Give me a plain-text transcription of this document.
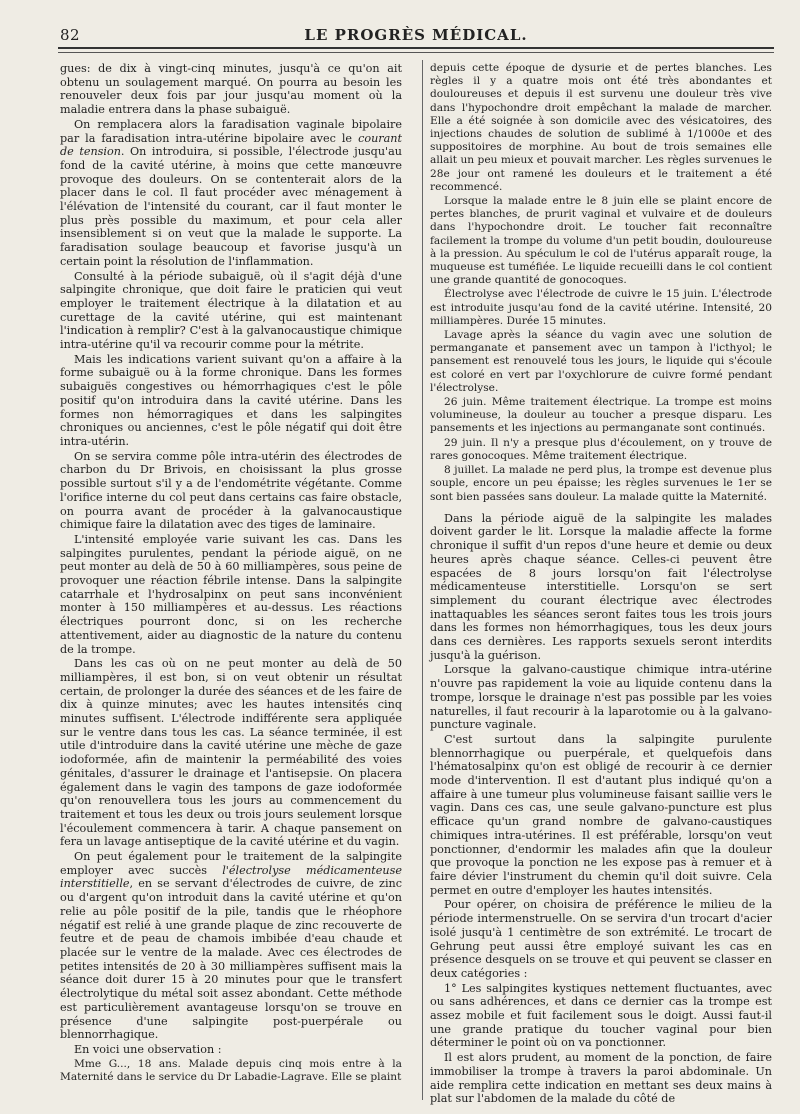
82	LE PROGRÈS MÉDICAL.

gues: de dix à vingt-cinq minutes, jusqu'à ce qu'on ait obtenu un soulagement marqué. On pourra au besoin les renouveler deux fois par jour jusqu'au moment où la maladie entrera dans la phase subaiguë.

On remplacera alors la faradisation vaginale bipolaire par la faradisation intra-utérine bipolaire avec le courant de tension. On introduira, si possible, l'électrode jusqu'au fond de la cavité utérine, à moins que cette manœuvre provoque des douleurs. On se contenterait alors de la placer dans le col. Il faut procéder avec ménagement à l'élévation de l'intensité du courant, car il faut monter le plus près possible du maximum, et pour cela aller insensiblement si on veut que la malade le supporte. La faradisation soulage beaucoup et favorise jusqu'à un certain point la résolution de l'inflammation.

Consulté à la période subaiguë, où il s'agit déjà d'une salpingite chronique, que doit faire le praticien qui veut employer le traitement électrique à la dilatation et au curettage de la cavité utérine, qui est maintenant l'indication à remplir? C'est à la galvanocaustique chimique intra-utérine qu'il va recourir comme pour la métrite.

Mais les indications varient suivant qu'on a affaire à la forme subaiguë ou à la forme chronique. Dans les formes subaiguës congestives ou hémorrhagiques c'est le pôle positif qu'on introduira dans la cavité utérine. Dans les formes non hémorragiques et dans les salpingites chroniques ou anciennes, c'est le pôle négatif qui doit être intra-utérin.

On se servira comme pôle intra-utérin des électrodes de charbon du Dr Brivois, en choisissant la plus grosse possible surtout s'il y a de l'endométrite végétante. Comme l'orifice interne du col peut dans certains cas faire obstacle, on pourra avant de procéder à la galvanocaustique chimique faire la dilatation avec des tiges de laminaire.

L'intensité employée varie suivant les cas. Dans les salpingites purulentes, pendant la période aiguë, on ne peut monter au delà de 50 à 60 milliampères, sous peine de provoquer une réaction fébrile intense. Dans la salpingite catarrhale et l'hydrosalpinx on peut sans inconvénient monter à 150 milliampères et au-dessus. Les réactions électriques pourront donc, si on les recherche attentivement, aider au diagnostic de la nature du contenu de la trompe.

Dans les cas où on ne peut monter au delà de 50 milliampères, il est bon, si on veut obtenir un résultat certain, de prolonger la durée des séances et de les faire de dix à quinze minutes; avec les hautes intensités cinq minutes suffisent. L'électrode indifférente sera appliquée sur le ventre dans tous les cas. La séance terminée, il est utile d'introduire dans la cavité utérine une mèche de gaze iodoformée, afin de maintenir la perméabilité des voies génitales, d'assurer le drainage et l'antisepsie. On placera également dans le vagin des tampons de gaze iodoformée qu'on renouvellera tous les jours au commencement du traitement et tous les deux ou trois jours seulement lorsque l'écoulement commencera à tarir. A chaque pansement on fera un lavage antiseptique de la cavité utérine et du vagin.

On peut également pour le traitement de la salpingite employer avec succès l'électrolyse médicamenteuse interstitielle, en se servant d'électrodes de cuivre, de zinc ou d'argent qu'on introduit dans la cavité utérine et qu'on relie au pôle positif de la pile, tandis que le rhéophore négatif est relié à une grande plaque de zinc recouverte de feutre et de peau de chamois imbibée d'eau chaude et placée sur le ventre de la malade. Avec ces électrodes de petites intensités de 20 à 30 milliampères suffisent mais la séance doit durer 15 à 20 minutes pour que le transfert électrolytique du métal soit assez abondant. Cette méthode est particulièrement avantageuse lorsqu'on se trouve en présence d'une salpingite post-puerpérale ou blennorrhagique.

En voici une observation :

Mme G..., 18 ans. Malade depuis cinq mois entre à la Maternité dans le service du Dr Labadie-Lagrave. Elle se plaint

depuis cette époque de dysurie et de pertes blanches. Les règles il y a quatre mois ont été très abondantes et douloureuses et depuis il est survenu une douleur très vive dans l'hypochondre droit empêchant la malade de marcher. Elle a été soignée à son domicile avec des vésicatoires, des injections chaudes de solution de sublimé à 1/1000e et des suppositoires de morphine. Au bout de trois semaines elle allait un peu mieux et pouvait marcher. Les règles survenues le 28e jour ont ramené les douleurs et le traitement a été recommencé.

Lorsque la malade entre le 8 juin elle se plaint encore de pertes blanches, de prurit vaginal et vulvaire et de douleurs dans l'hypochondre droit. Le toucher fait reconnaître facilement la trompe du volume d'un petit boudin, douloureuse à la pression. Au spéculum le col de l'utérus apparaît rouge, la muqueuse est tuméfiée. Le liquide recueilli dans le col contient une grande quantité de gonocoques.

Électrolyse avec l'électrode de cuivre le 15 juin. L'électrode est introduite jusqu'au fond de la cavité utérine. Intensité, 20 milliampères. Durée 15 minutes.

Lavage après la séance du vagin avec une solution de permanganate et pansement avec un tampon à l'icthyol; le pansement est renouvelé tous les jours, le liquide qui s'écoule est coloré en vert par l'oxychlorure de cuivre formé pendant l'électrolyse.

26 juin. Même traitement électrique. La trompe est moins volumineuse, la douleur au toucher a presque disparu. Les pansements et les injections au permanganate sont continués.

29 juin. Il n'y a presque plus d'écoulement, on y trouve de rares gonocoques. Même traitement électrique.

8 juillet. La malade ne perd plus, la trompe est devenue plus souple, encore un peu épaisse; les règles survenues le 1er se sont bien passées sans douleur. La malade quitte la Maternité.

Dans la période aiguë de la salpingite les malades doivent garder le lit. Lorsque la maladie affecte la forme chronique il suffit d'un repos d'une heure et demie ou deux heures après chaque séance. Celles-ci peuvent être espacées de 8 jours lorsqu'on fait l'électrolyse médicamenteuse interstitielle. Lorsqu'on se sert simplement du courant électrique avec électrodes inattaquables les séances seront faites tous les trois jours dans les formes non hémorrhagiques, tous les deux jours dans ces dernières. Les rapports sexuels seront interdits jusqu'à la guérison.

Lorsque la galvano-caustique chimique intra-utérine n'ouvre pas rapidement la voie au liquide contenu dans la trompe, lorsque le drainage n'est pas possible par les voies naturelles, il faut recourir à la laparotomie ou à la galvano-puncture vaginale.

C'est surtout dans la salpingite purulente blennorrhagique ou puerpérale, et quelquefois dans l'hématosalpinx qu'on est obligé de recourir à ce dernier mode d'intervention. Il est d'autant plus indiqué qu'on a affaire à une tumeur plus volumineuse faisant saillie vers le vagin. Dans ces cas, une seule galvano-puncture est plus efficace qu'un grand nombre de galvano-caustiques chimiques intra-utérines. Il est préférable, lorsqu'on veut ponctionner, d'endormir les malades afin que la douleur que provoque la ponction ne les expose pas à remuer et à faire dévier l'instrument du chemin qu'il doit suivre. Cela permet en outre d'employer les hautes intensités.

Pour opérer, on choisira de préférence le milieu de la période intermenstruelle. On se servira d'un trocart d'acier isolé jusqu'à 1 centimètre de son extrémité. Le trocart de Gehrung peut aussi être employé suivant les cas en présence desquels on se trouve et qui peuvent se classer en deux catégories :

1° Les salpingites kystiques nettement fluctuantes, avec ou sans adhérences, et dans ce dernier cas la trompe est assez mobile et fuit facilement sous le doigt. Aussi faut-il une grande pratique du toucher vaginal pour bien déterminer le point où on va ponctionner.

Il est alors prudent, au moment de la ponction, de faire immobiliser la trompe à travers la paroi abdominale. Un aide remplira cette indication en mettant ses deux mains à plat sur l'abdomen de la malade du côté de
